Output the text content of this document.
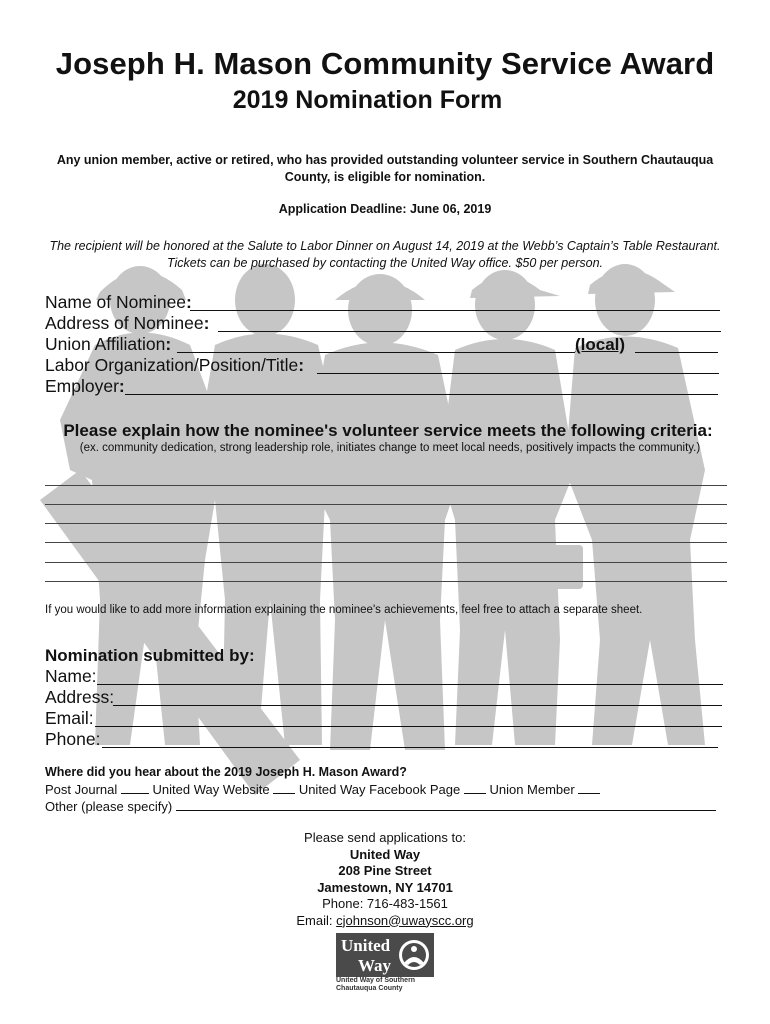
Joseph H. Mason Community Service Award
2019 Nomination Form
Any union member, active or retired, who has provided outstanding volunteer service in Southern Chautauqua County, is eligible for nomination.
Application Deadline: June 06, 2019
The recipient will be honored at the Salute to Labor Dinner on August 14, 2019 at the Webb’s Captain’s Table Restaurant. Tickets can be purchased by contacting the United Way office. $50 per person.
Name of Nominee:
Address of Nominee:
Union Affiliation:	(local)
Labor Organization/Position/Title:
Employer:
Please explain how the nominee's volunteer service meets the following criteria:
(ex. community dedication, strong leadership role, initiates change to meet local needs, positively impacts the community.)
If you would like to add more information explaining the nominee's achievements, feel free to attach a separate sheet.
Nomination submitted by:
Name:
Address:
Email:
Phone:
Where did you hear about the 2019 Joseph H. Mason Award?
Post Journal	United Way Website United Way Facebook Page Union Member
Other (please specify)
Please send applications to:
United Way
208 Pine Street
Jamestown, NY 14701
Phone: 716-483-1561
Email: cjohnson@uwayscc.org
United
Way
United Way of Southern
Chautauqua County
